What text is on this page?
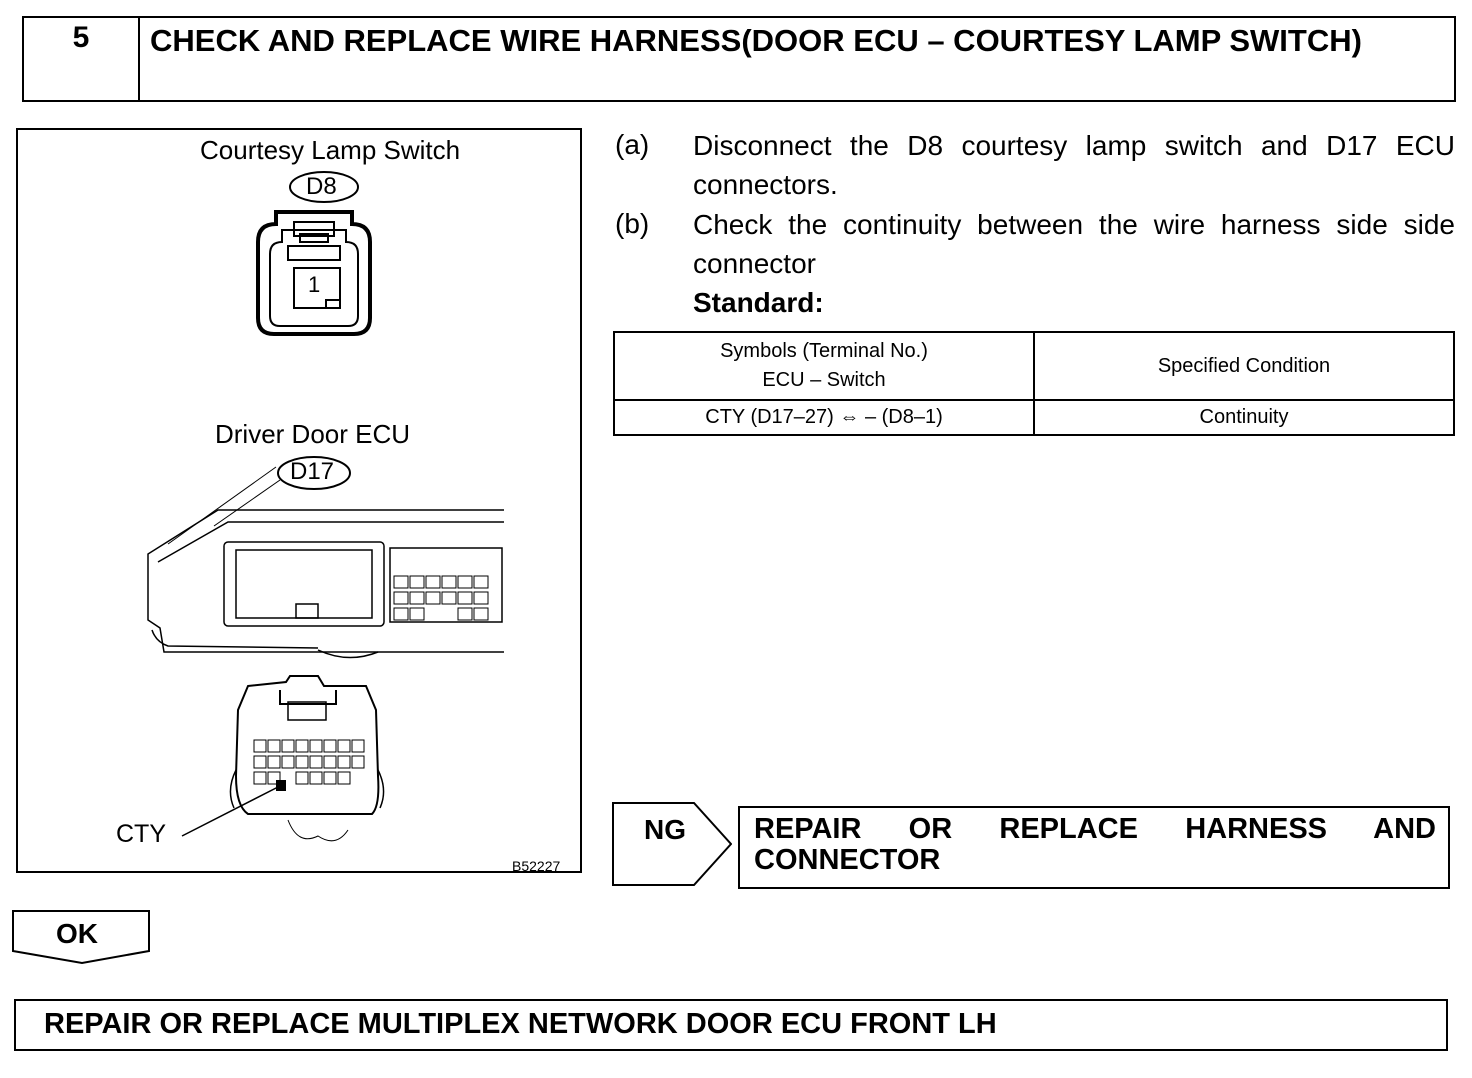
5	CHECK AND REPLACE WIRE HARNESS(DOOR ECU – COURTESY LAMP SWITCH)
Courtesy Lamp Switch
D8
1
Driver Door ECU
D17
CTY
B52227
(a) Disconnect the D8 courtesy lamp switch and D17 ECU connectors.
(b) Check the continuity between the wire harness side side connector
Standard:
Symbols (Terminal No.)
ECU – Switch	Specified Condition
CTY (D17–27) ⇔ – (D8–1)	Continuity
NG REPAIR OR REPLACE HARNESS AND CONNECTOR
OK
REPAIR OR REPLACE MULTIPLEX NETWORK DOOR ECU FRONT LH
